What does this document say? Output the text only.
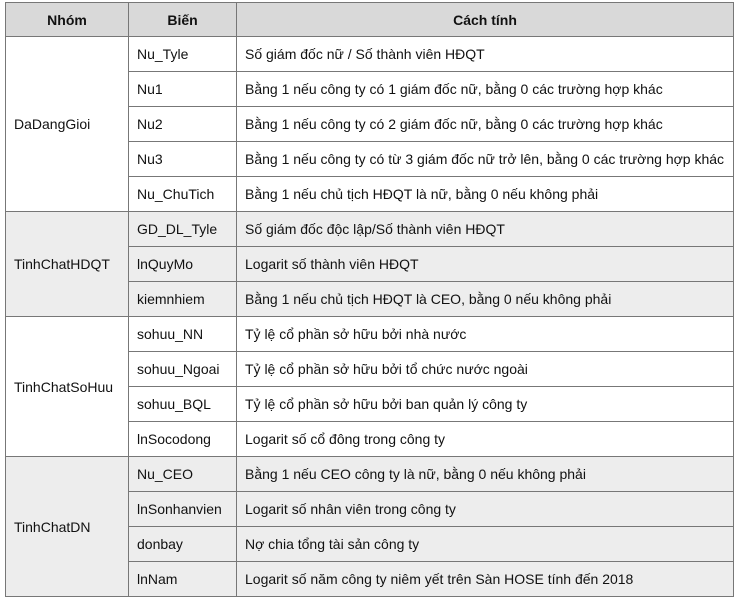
Nhóm	Biến	Cách tính
DaDangGioi	Nu_Tyle	Số giám đốc nữ / Số thành viên HĐQT
	Nu1	Bằng 1 nếu công ty có 1 giám đốc nữ, bằng 0 các trường hợp khác
	Nu2	Bằng 1 nếu công ty có 2 giám đốc nữ, bằng 0 các trường hợp khác
	Nu3	Bằng 1 nếu công ty có từ 3 giám đốc nữ trở lên, bằng 0 các trường hợp khác
	Nu_ChuTich	Bằng 1 nếu chủ tịch HĐQT là nữ, bằng 0 nếu không phải
TinhChatHDQT	GD_DL_Tyle	Số giám đốc độc lập/Số thành viên HĐQT
	lnQuyMo	Logarit số thành viên HĐQT
	kiemnhiem	Bằng 1 nếu chủ tịch HĐQT là CEO, bằng 0 nếu không phải
TinhChatSoHuu	sohuu_NN	Tỷ lệ cổ phần sở hữu bởi nhà nước
	sohuu_Ngoai	Tỷ lệ cổ phần sở hữu bởi tổ chức nước ngoài
	sohuu_BQL	Tỷ lệ cổ phần sở hữu bởi ban quản lý công ty
	lnSocodong	Logarit số cổ đông trong công ty
TinhChatDN	Nu_CEO	Bằng 1 nếu CEO công ty là nữ, bằng 0 nếu không phải
	lnSonhanvien	Logarit số nhân viên trong công ty
	donbay	Nợ chia tổng tài sản công ty
	lnNam	Logarit số năm công ty niêm yết trên Sàn HOSE tính đến 2018
